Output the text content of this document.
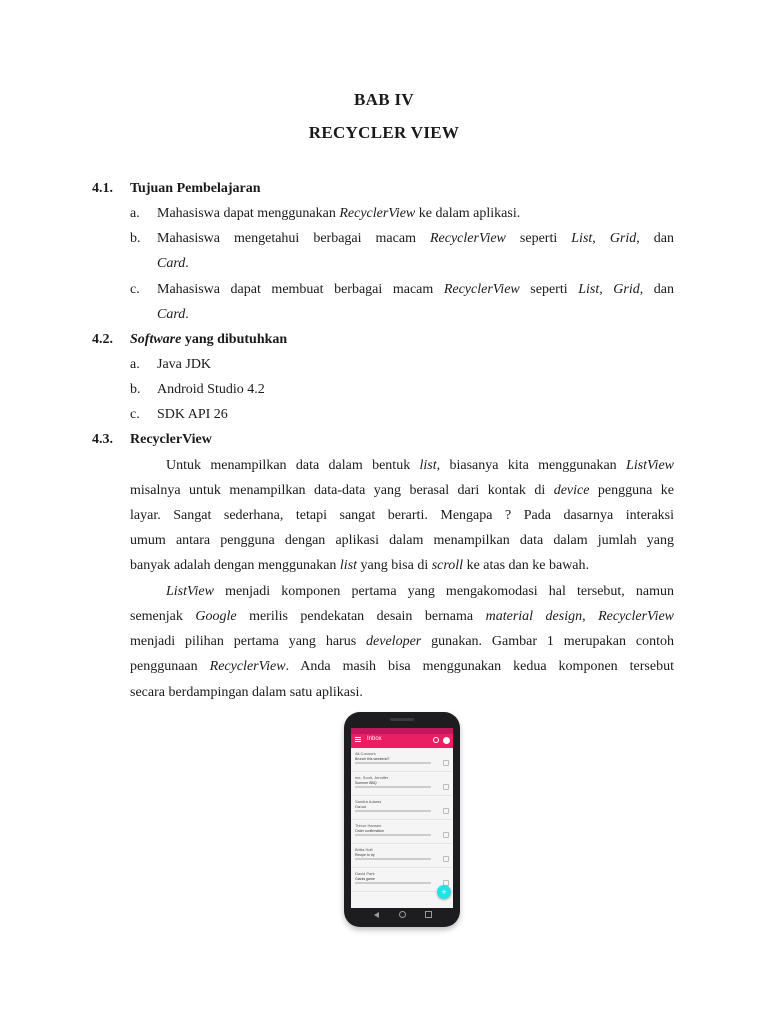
BAB IV
RECYCLER VIEW
4.1. Tujuan Pembelajaran
a. Mahasiswa dapat menggunakan RecyclerView ke dalam aplikasi.
b. Mahasiswa mengetahui berbagai macam RecyclerView seperti List, Grid, dan
Card.
c. Mahasiswa dapat membuat berbagai macam RecyclerView seperti List, Grid, dan
Card.
4.2. Software yang dibutuhkan
a. Java JDK
b. Android Studio 4.2
c. SDK API 26
4.3. RecyclerView
Untuk menampilkan data dalam bentuk list, biasanya kita menggunakan ListView
misalnya untuk menampilkan data-data yang berasal dari kontak di device pengguna ke
layar. Sangat sederhana, tetapi sangat berarti. Mengapa ? Pada dasarnya interaksi
umum antara pengguna dengan aplikasi dalam menampilkan data dalam jumlah yang
banyak adalah dengan menggunakan list yang bisa di scroll ke atas dan ke bawah.
ListView menjadi komponen pertama yang mengakomodasi hal tersebut, namun
semenjak Google merilis pendekatan desain bernama material design, RecyclerView
menjadi pilihan pertama yang harus developer gunakan. Gambar 1 merupakan contoh
penggunaan RecyclerView. Anda masih bisa menggunakan kedua komponen tersebut
secara berdampingan dalam satu aplikasi.
Inbox
Ali Connors
Brunch this weekend?
me, Scott, Jennifer
Summer BBQ
Sandra Adams
Oui oui
Trevor Hansen
Order confirmation
Britta Holt
Recipe to try
David Park
Giants game
+
